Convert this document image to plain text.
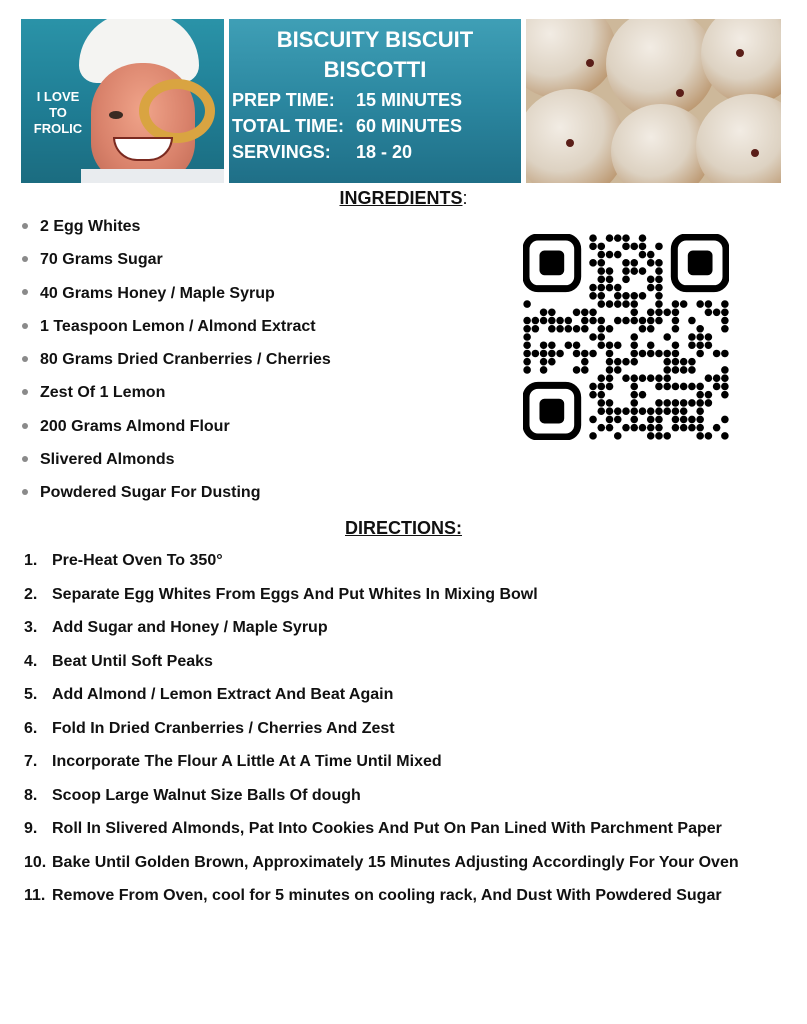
I LOVE TO FROLIC
BISCUITY BISCUIT
BISCOTTI
PREP TIME: 15 MINUTES
TOTAL TIME: 60 MINUTES
SERVINGS: 18 - 20
INGREDIENTS:
2 Egg Whites
70 Grams Sugar
40 Grams Honey / Maple Syrup
1 Teaspoon Lemon / Almond Extract
80 Grams Dried Cranberries / Cherries
Zest Of 1 Lemon
200 Grams Almond Flour
Slivered Almonds
Powdered Sugar For Dusting
DIRECTIONS:
1. Pre-Heat Oven To 350°
2. Separate Egg Whites From Eggs And Put Whites In Mixing Bowl
3. Add Sugar and Honey / Maple Syrup
4. Beat Until Soft Peaks
5. Add Almond / Lemon Extract And Beat Again
6. Fold In Dried Cranberries / Cherries And Zest
7. Incorporate The Flour A Little At A Time Until Mixed
8. Scoop Large Walnut Size Balls Of dough
9. Roll In Slivered Almonds, Pat Into Cookies And Put On Pan Lined With Parchment Paper
10. Bake Until Golden Brown, Approximately 15 Minutes Adjusting Accordingly For Your Oven
11. Remove From Oven, cool for 5 minutes on cooling rack, And Dust With Powdered Sugar
